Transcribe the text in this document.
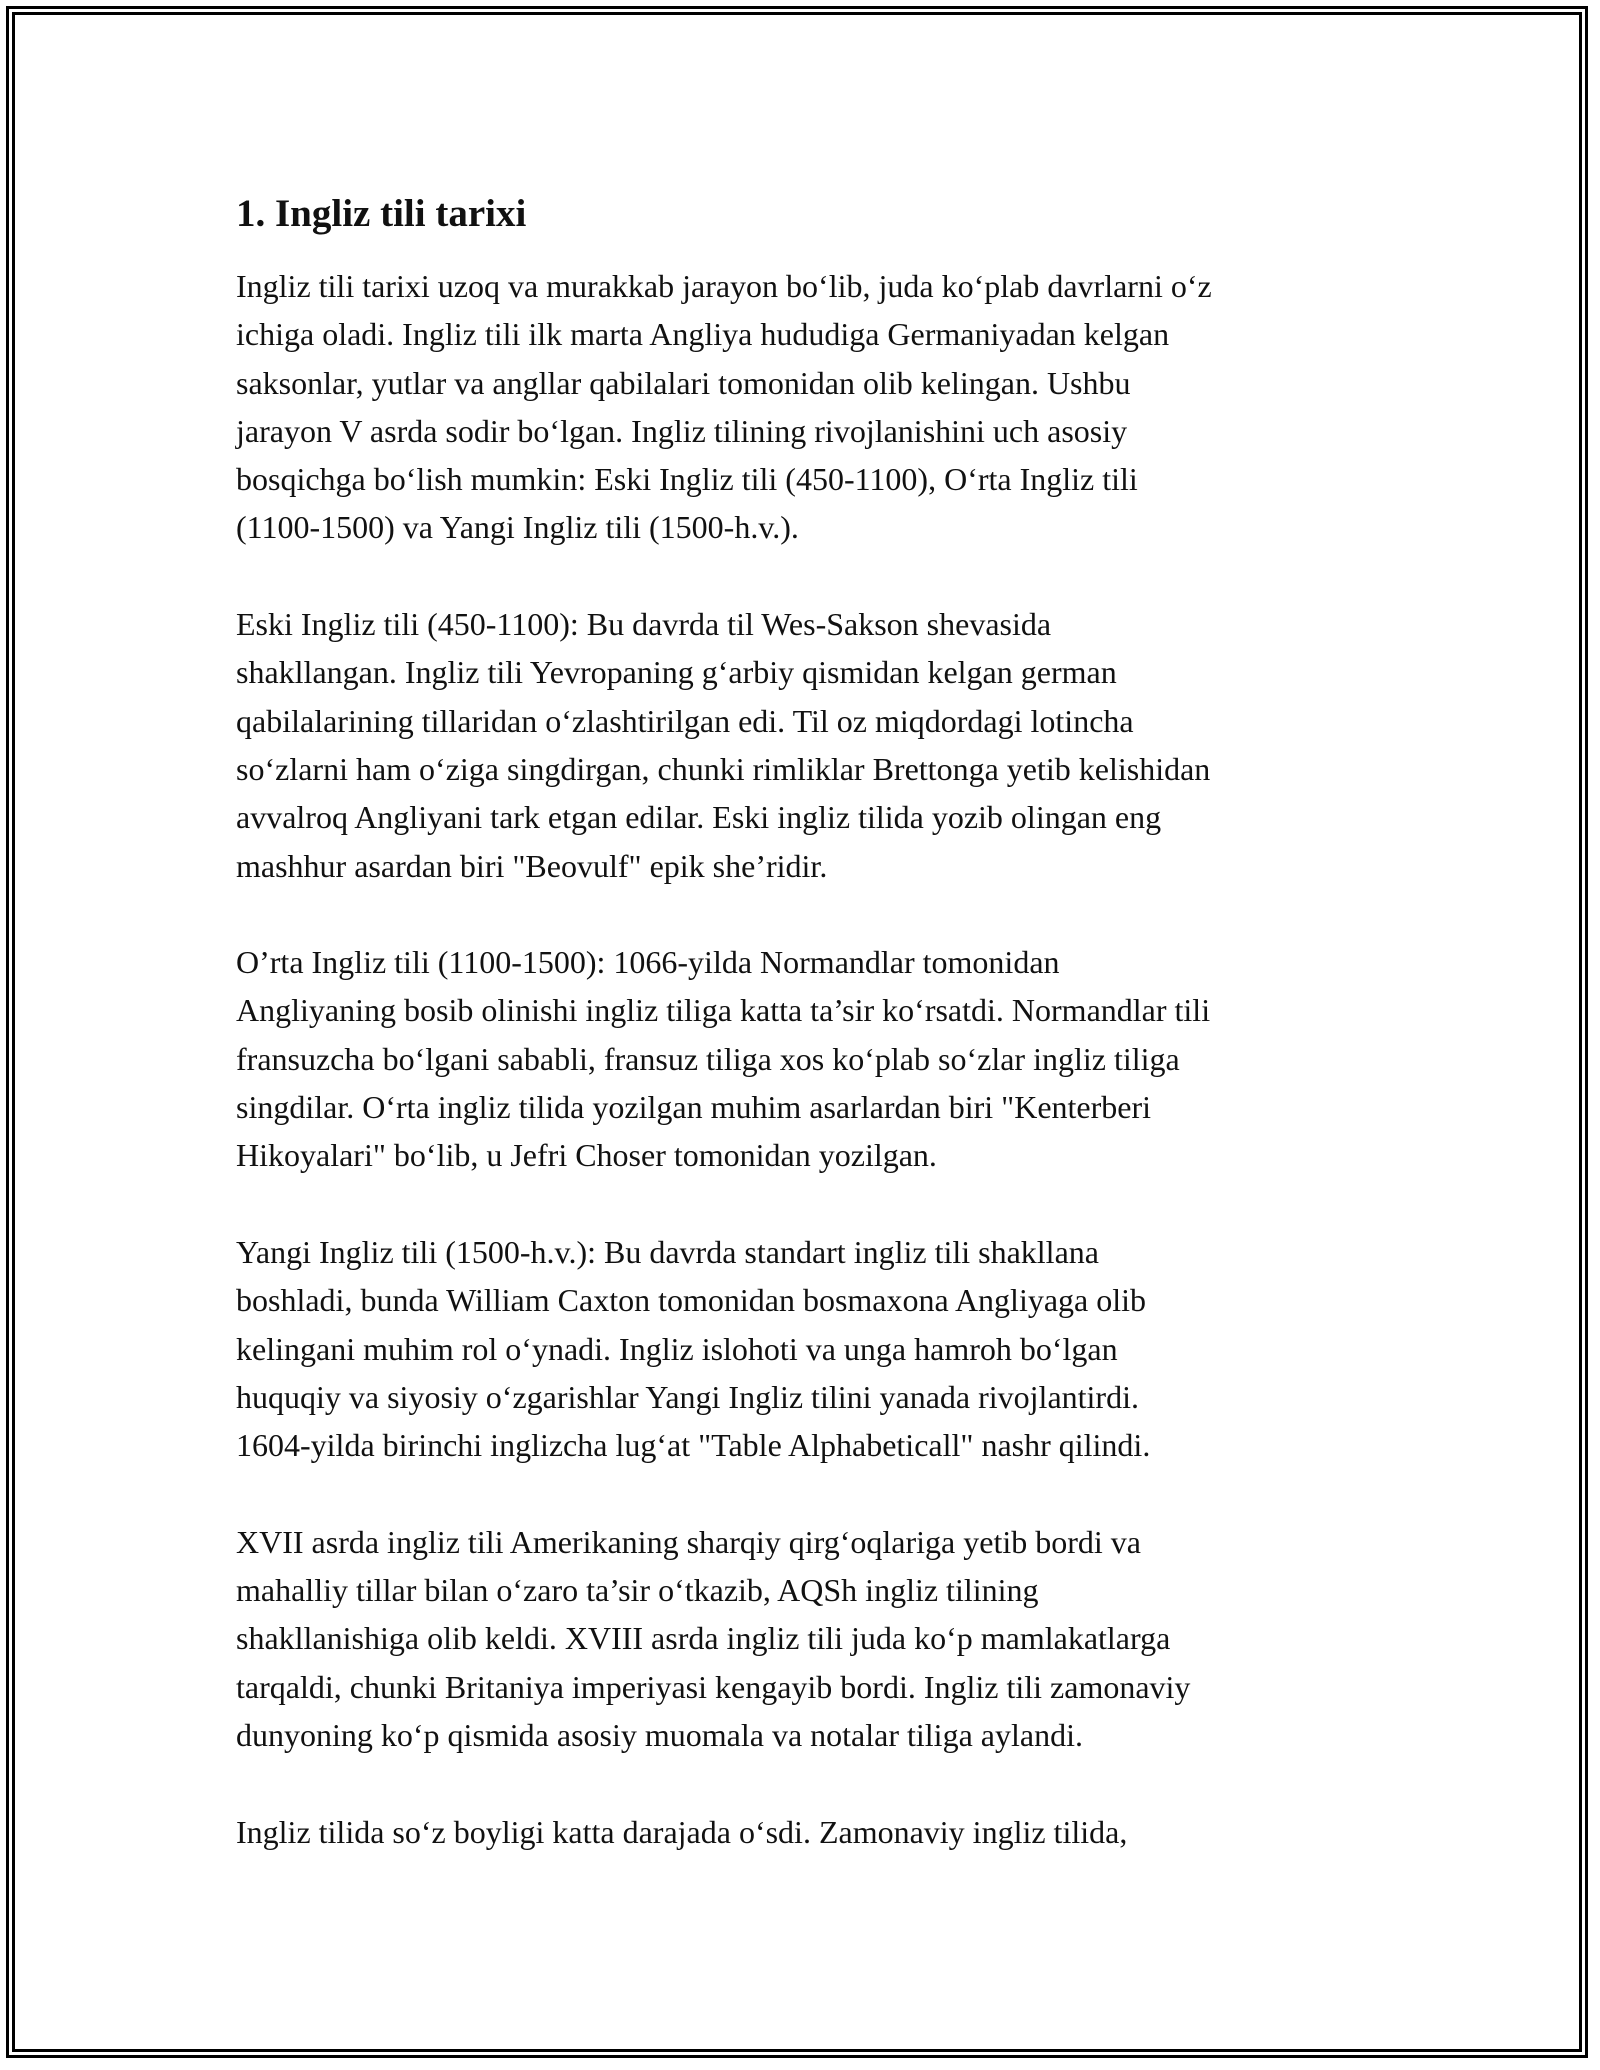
1. Ingliz tili tarixi

Ingliz tili tarixi uzoq va murakkab jarayon bo‘lib, juda ko‘plab davrlarni o‘z
ichiga oladi. Ingliz tili ilk marta Angliya hududiga Germaniyadan kelgan
saksonlar, yutlar va angllar qabilalari tomonidan olib kelingan. Ushbu
jarayon V asrda sodir bo‘lgan. Ingliz tilining rivojlanishini uch asosiy
bosqichga bo‘lish mumkin: Eski Ingliz tili (450-1100), O‘rta Ingliz tili
(1100-1500) va Yangi Ingliz tili (1500-h.v.).

Eski Ingliz tili (450-1100): Bu davrda til Wes-Sakson shevasida
shakllangan. Ingliz tili Yevropaning g‘arbiy qismidan kelgan german
qabilalarining tillaridan o‘zlashtirilgan edi. Til oz miqdordagi lotincha
so‘zlarni ham o‘ziga singdirgan, chunki rimliklar Brettonga yetib kelishidan
avvalroq Angliyani tark etgan edilar. Eski ingliz tilida yozib olingan eng
mashhur asardan biri "Beovulf" epik she’ridir.

O’rta Ingliz tili (1100-1500): 1066-yilda Normandlar tomonidan
Angliyaning bosib olinishi ingliz tiliga katta ta’sir ko‘rsatdi. Normandlar tili
fransuzcha bo‘lgani sababli, fransuz tiliga xos ko‘plab so‘zlar ingliz tiliga
singdilar. O‘rta ingliz tilida yozilgan muhim asarlardan biri "Kenterberi
Hikoyalari" bo‘lib, u Jefri Choser tomonidan yozilgan.

Yangi Ingliz tili (1500-h.v.): Bu davrda standart ingliz tili shakllana
boshladi, bunda William Caxton tomonidan bosmaxona Angliyaga olib
kelingani muhim rol o‘ynadi. Ingliz islohoti va unga hamroh bo‘lgan
huquqiy va siyosiy o‘zgarishlar Yangi Ingliz tilini yanada rivojlantirdi.
1604-yilda birinchi inglizcha lug‘at "Table Alphabeticall" nashr qilindi.

XVII asrda ingliz tili Amerikaning sharqiy qirg‘oqlariga yetib bordi va
mahalliy tillar bilan o‘zaro ta’sir o‘tkazib, AQSh ingliz tilining
shakllanishiga olib keldi. XVIII asrda ingliz tili juda ko‘p mamlakatlarga
tarqaldi, chunki Britaniya imperiyasi kengayib bordi. Ingliz tili zamonaviy
dunyoning ko‘p qismida asosiy muomala va notalar tiliga aylandi.

Ingliz tilida so‘z boyligi katta darajada o‘sdi. Zamonaviy ingliz tilida,
